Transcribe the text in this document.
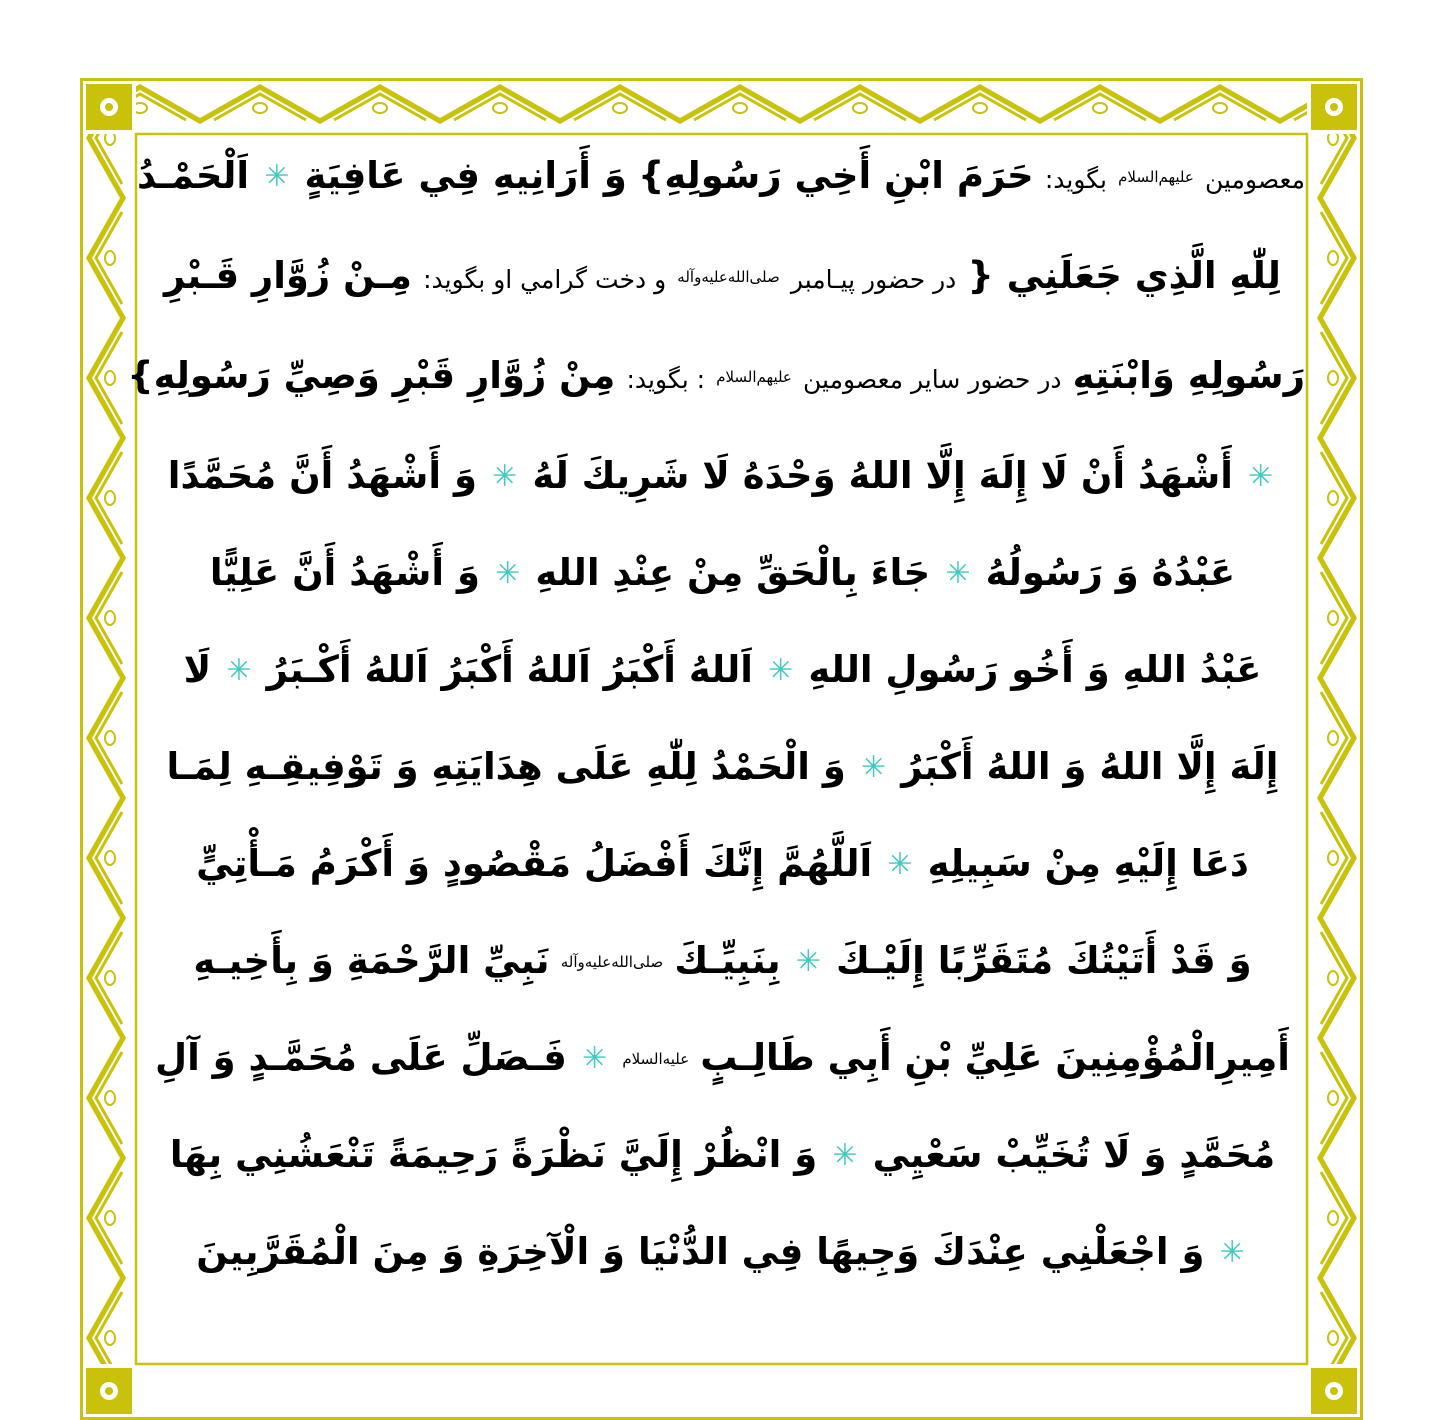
معصومين علیهم‌السلام بگويد: حَرَمَ ابْنِ أَخِي رَسُولِهِ} وَ أَرَانِيهِ فِي عَافِيَةٍ ✳ اَلْحَمْـدُ
لِلّٰهِ الَّذِي جَعَلَنِي { در حضور پيـامبر صلی‌الله‌علیه‌وآله و دخت گرامي او بگويد: مِـنْ زُوَّارِ قَـبْرِ
رَسُولِهِ وَابْنَتِهِ در حضور ساير معصومين علیهم‌السلام : بگويد: مِنْ زُوَّارِ قَبْرِ وَصِيِّ رَسُولِهِ}
✳ أَشْهَدُ أَنْ لَا إِلَهَ إِلَّا اللهُ وَحْدَهُ لَا شَرِيكَ لَهُ ✳ وَ أَشْهَدُ أَنَّ مُحَمَّدًا
عَبْدُهُ وَ رَسُولُهُ ✳ جَاءَ بِالْحَقِّ مِنْ عِنْدِ اللهِ ✳ وَ أَشْهَدُ أَنَّ عَلِيًّا
عَبْدُ اللهِ وَ أَخُو رَسُولِ اللهِ ✳ اَللهُ أَكْبَرُ اَللهُ أَكْبَرُ اَللهُ أَكْـبَرُ ✳ لَا
إِلَهَ إِلَّا اللهُ وَ اللهُ أَكْبَرُ ✳ وَ الْحَمْدُ لِلّٰهِ عَلَى هِدَايَتِهِ وَ تَوْفِيقِـهِ لِمَـا
دَعَا إِلَيْهِ مِنْ سَبِيلِهِ ✳ اَللَّهُمَّ إِنَّكَ أَفْضَلُ مَقْصُودٍ وَ أَكْرَمُ مَـأْتِيٍّ
وَ قَدْ أَتَيْتُكَ مُتَقَرِّبًا إِلَيْـكَ ✳ بِنَبِيِّـكَ صلی‌الله‌علیه‌وآله نَبِيِّ الرَّحْمَةِ وَ بِأَخِيـهِ
أَمِيرِالْمُؤْمِنِينَ عَلِيِّ بْنِ أَبِي طَالِـبٍ علیه‌السلام ✳ فَـصَلِّ عَلَى مُحَمَّـدٍ وَ آلِ
مُحَمَّدٍ وَ لَا تُخَيِّبْ سَعْيِي ✳ وَ انْظُرْ إِلَيَّ نَظْرَةً رَحِيمَةً تَنْعَشُنِي بِهَا
✳ وَ اجْعَلْنِي عِنْدَكَ وَجِيهًا فِي الدُّنْيَا وَ الْآخِرَةِ وَ مِنَ الْمُقَرَّبِينَ
